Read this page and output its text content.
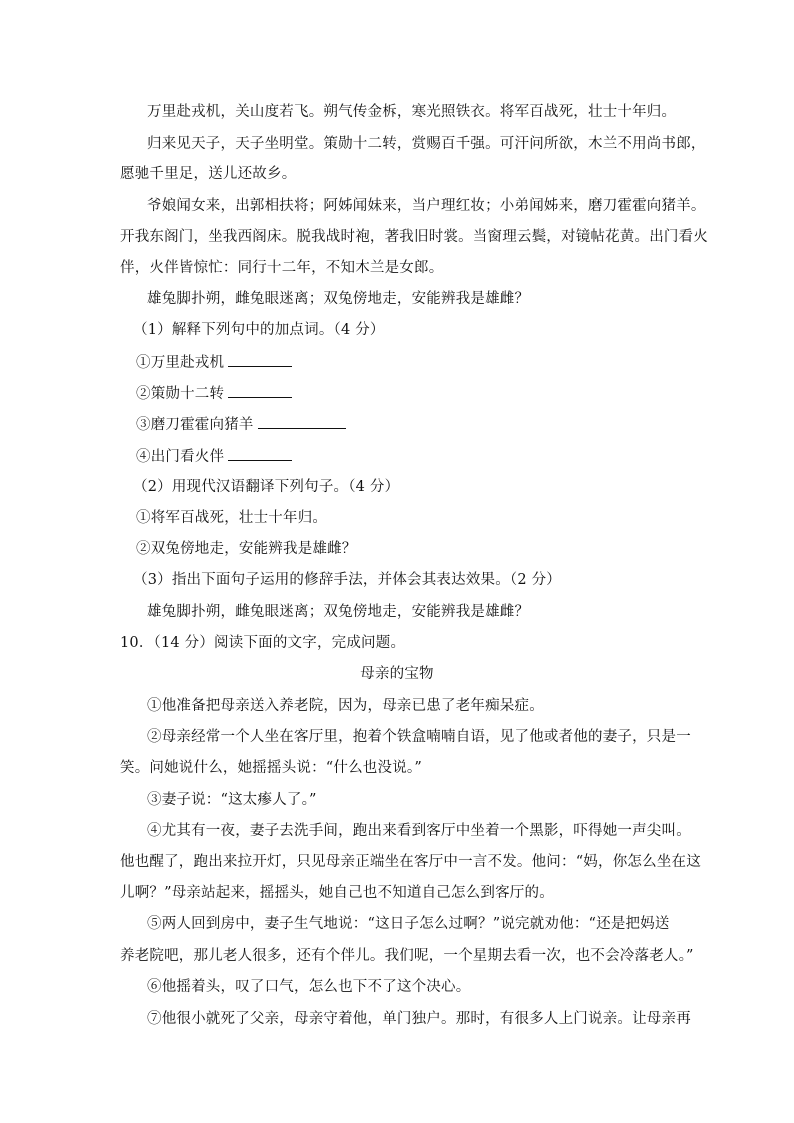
万里赴戎机，关山度若飞。朔气传金柝，寒光照铁衣。将军百战死，壮士十年归。
归来见天子，天子坐明堂。策勋十二转，赏赐百千强。可汗问所欲，木兰不用尚书郎，
愿驰千里足，送儿还故乡。
爷娘闻女来，出郭相扶将；阿姊闻妹来，当户理红妆；小弟闻姊来，磨刀霍霍向猪羊。
开我东阁门，坐我西阁床。脱我战时袍，著我旧时裳。当窗理云鬓，对镜帖花黄。出门看火
伴，火伴皆惊忙：同行十二年，不知木兰是女郎。
雄兔脚扑朔，雌兔眼迷离；双兔傍地走，安能辨我是雄雌？
（1）解释下列句中的加点词。（4 分）
①万里赴戎机
②策勋十二转
③磨刀霍霍向猪羊
④出门看火伴
（2）用现代汉语翻译下列句子。（4 分）
①将军百战死，壮士十年归。
②双兔傍地走，安能辨我是雄雌？
（3）指出下面句子运用的修辞手法，并体会其表达效果。（2 分）
雄兔脚扑朔，雌兔眼迷离；双兔傍地走，安能辨我是雄雌？
10．（14 分）阅读下面的文字，完成问题。
母亲的宝物
①他准备把母亲送入养老院，因为，母亲已患了老年痴呆症。
②母亲经常一个人坐在客厅里，抱着个铁盒喃喃自语，见了他或者他的妻子，只是一
笑。问她说什么，她摇摇头说：“什么也没说。”
③妻子说：“这太瘆人了。”
④尤其有一夜，妻子去洗手间，跑出来看到客厅中坐着一个黑影，吓得她一声尖叫。
他也醒了，跑出来拉开灯，只见母亲正端坐在客厅中一言不发。他问：“妈，你怎么坐在这
儿啊？”母亲站起来，摇摇头，她自己也不知道自己怎么到客厅的。
⑤两人回到房中，妻子生气地说：“这日子怎么过啊？”说完就劝他：“还是把妈送
养老院吧，那儿老人很多，还有个伴儿。我们呢，一个星期去看一次，也不会冷落老人。”
⑥他摇着头，叹了口气，怎么也下不了这个决心。
⑦他很小就死了父亲，母亲守着他，单门独户。那时，有很多人上门说亲。让母亲再
